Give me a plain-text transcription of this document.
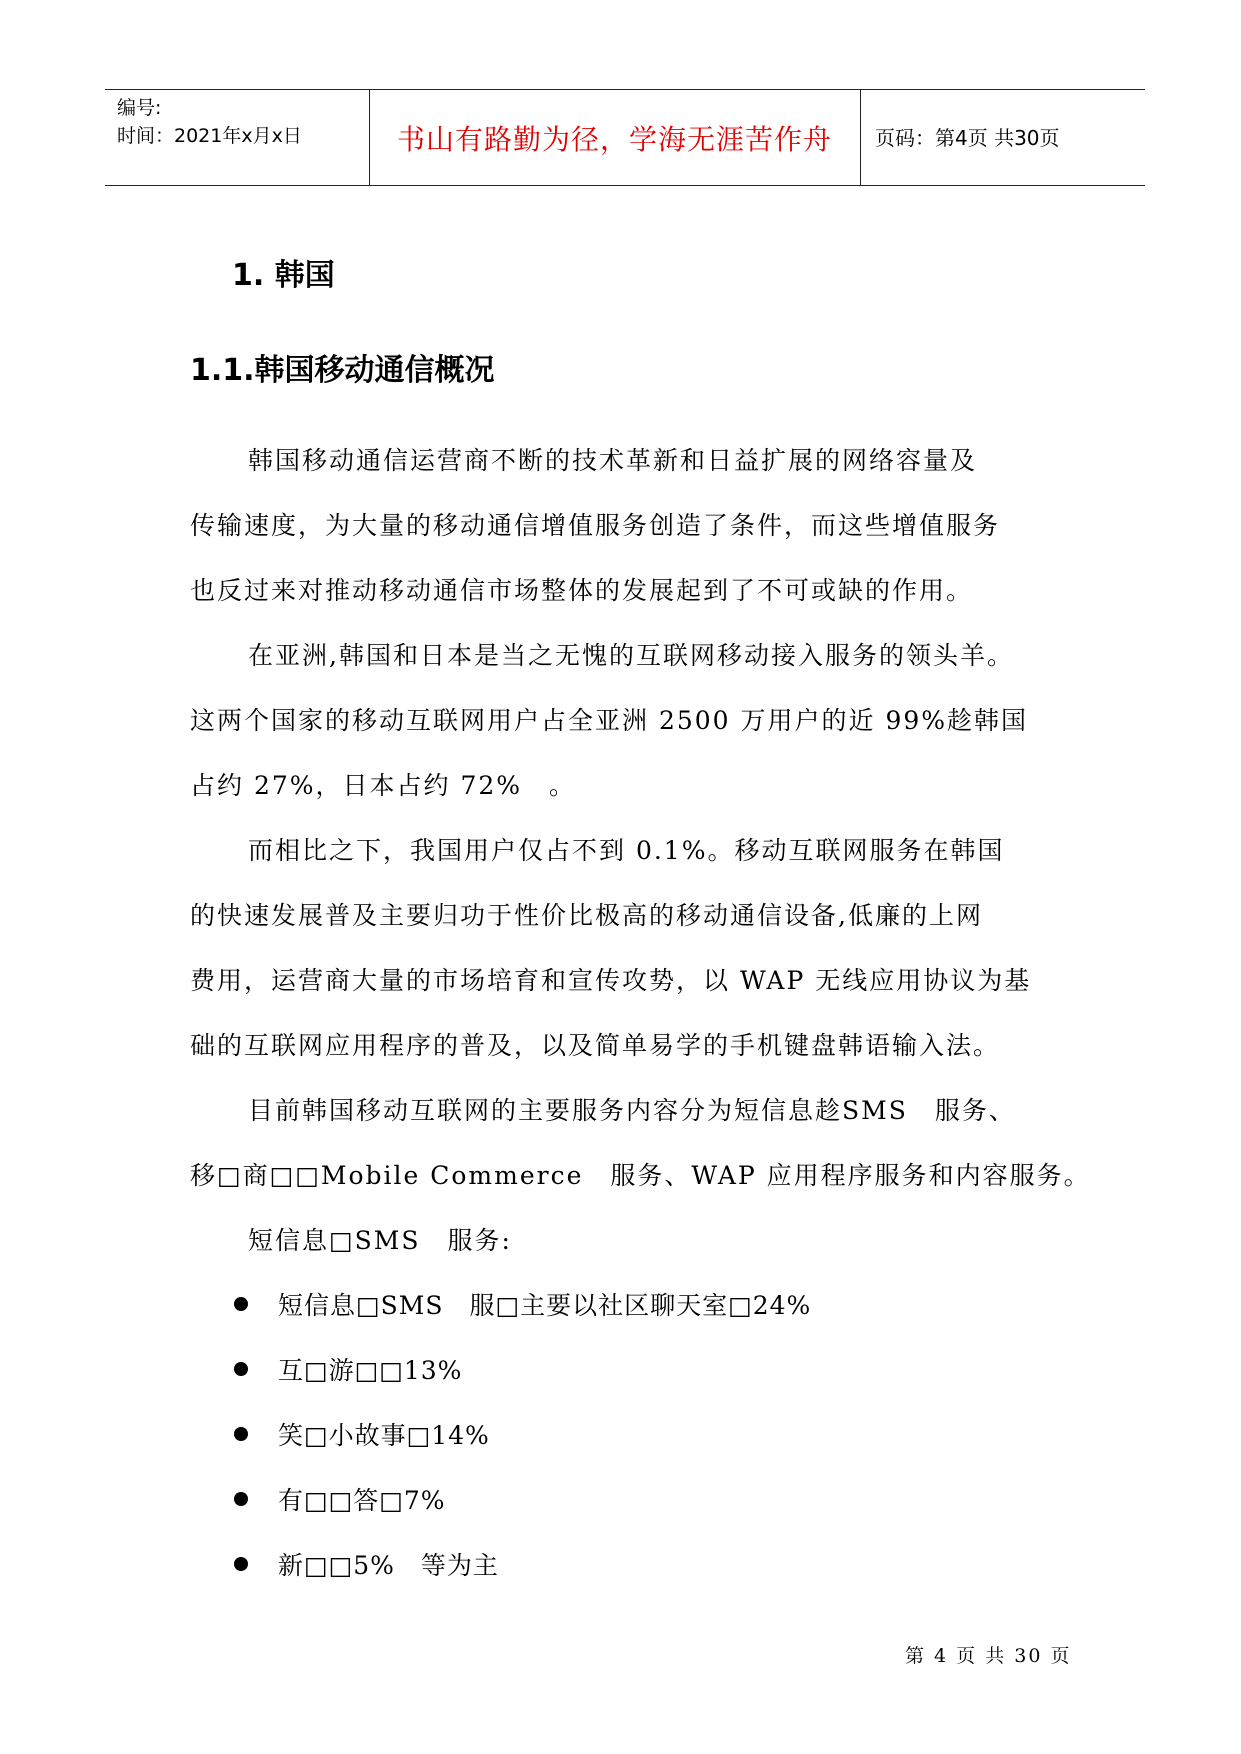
编号:
时间：2021年x月x日	书山有路勤为径，学海无涯苦作舟	页码：第4页 共30页
1. 韩国
1.1.韩国移动通信概况
韩国移动通信运营商不断的技术革新和日益扩展的网络容量及
传输速度，为大量的移动通信增值服务创造了条件，而这些增值服务
也反过来对推动移动通信市场整体的发展起到了不可或缺的作用。
在亚洲,韩国和日本是当之无愧的互联网移动接入服务的领头羊。
这两个国家的移动互联网用户占全亚洲 2500 万用户的近 99%趁韩国
占约 27%，日本占约 72%　。
而相比之下，我国用户仅占不到 0.1%。移动互联网服务在韩国
的快速发展普及主要归功于性价比极高的移动通信设备,低廉的上网
费用，运营商大量的市场培育和宣传攻势，以 WAP 无线应用协议为基
础的互联网应用程序的普及，以及简单易学的手机键盘韩语输入法。
目前韩国移动互联网的主要服务内容分为短信息趁SMS　服务、
移□商□□Mobile Commerce　服务、WAP 应用程序服务和内容服务。
短信息□SMS　服务:
短信息□SMS　服□主要以社区聊天室□24%
互□游□□13%
笑□小故事□14%
有□□答□7%
新□□5%　等为主
第 4 页 共 30 页
